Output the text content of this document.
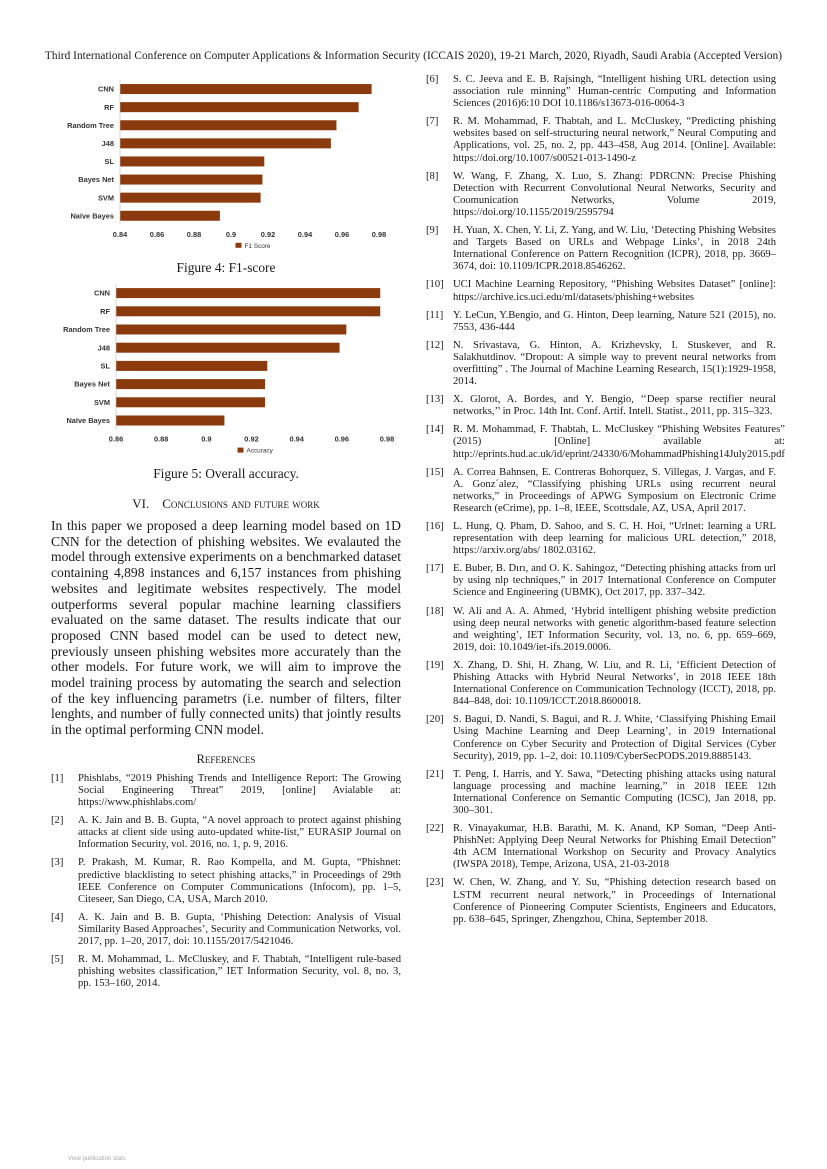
Third International Conference on Computer Applications & Information Security (ICCAIS 2020), 19-21 March, 2020, Riyadh, Saudi Arabia (Accepted Version)
CNN
RF
Random Tree
J48
SL
Bayes Net
SVM
Naïve Bayes
0.84	0.86	0.88	0.9	0.92	0.94	0.96	0.98
F1 Score
Figure 4: F1-score
CNN
RF
Random Tree
J48
SL
Bayes Net
SVM
Naïve Bayes
0.86	0.88	0.9	0.92	0.94	0.96	0.98
Accuracy
Figure 5: Overall accuracy.
VI. Conclusions and future work
In this paper we proposed a deep learning model based on 1D CNN for the detection of phishing websites. We evalauted the model through extensive experiments on a benchmarked dataset containing 4,898 instances and 6,157 instances from phishing websites and legitimate websites respectively. The model outperforms several popular machine learning classifiers evaluated on the same dataset. The results indicate that our proposed CNN based model can be used to detect new, previously unseen phishing websites more accurately than the other models. For future work, we will aim to improve the model training process by automating the search and selection of the key influencing parametrs (i.e. number of filters, filter lenghts, and number of fully connected units) that jointly results in the optimal performing CNN model.
References
[1]	Phishlabs, “2019 Phishing Trends and Intelligence Report: The Growing Social Engineering Threat” 2019, [online] Avialable at: https://www.phishlabs.com/
[2]	A. K. Jain and B. B. Gupta, “A novel approach to protect against phishing attacks at client side using auto-updated white-list,” EURASIP Journal on Information Security, vol. 2016, no. 1, p. 9, 2016.
[3]	P. Prakash, M. Kumar, R. Rao Kompella, and M. Gupta, “Phishnet: predictive blacklisting to setect phishing attacks,” in Proceedings of 29th IEEE Conference on Computer Communications (Infocom), pp. 1–5, Citeseer, San Diego, CA, USA, March 2010.
[4]	A. K. Jain and B. B. Gupta, ‘Phishing Detection: Analysis of Visual Similarity Based Approaches’, Security and Communication Networks, vol. 2017, pp. 1–20, 2017, doi: 10.1155/2017/5421046.
[5]	R. M. Mohammad, L. McCluskey, and F. Thabtah, “Intelligent rule-based phishing websites classification,” IET Information Security, vol. 8, no. 3, pp. 153–160, 2014.
[6]	S. C. Jeeva and E. B. Rajsingh, “Intelligent hishing URL detection using association rule minning” Human-centric Computing and Information Sciences (2016)6:10 DOI 10.1186/s13673-016-0064-3
[7]	R. M. Mohammad, F. Thabtah, and L. McCluskey, “Predicting phishing websites based on self-structuring neural network,” Neural Computing and Applications, vol. 25, no. 2, pp. 443–458, Aug 2014. [Online]. Available: https://doi.org/10.1007/s00521-013-1490-z
[8]	W. Wang, F. Zhang, X. Luo, S. Zhang: PDRCNN: Precise Phishing Detection with Recurrent Convolutional Neural Networks, Security and Coomunication Networks, Volume 2019, https://doi.org/10.1155/2019/2595794
[9]	H. Yuan, X. Chen, Y. Li, Z. Yang, and W. Liu, ‘Detecting Phishing Websites and Targets Based on URLs and Webpage Links’, in 2018 24th International Conference on Pattern Recognition (ICPR), 2018, pp. 3669–3674, doi: 10.1109/ICPR.2018.8546262.
[10] UCI Machine Learning Repository, “Phishing Websites Dataset” [online]: https://archive.ics.uci.edu/ml/datasets/phishing+websites
[11] Y. LeCun, Y.Bengio, and G. Hinton, Deep learning, Nature 521 (2015), no. 7553, 436-444
[12] N. Srivastava, G. Hinton, A. Krizhevsky, I. Stuskever, and R. Salakhutdinov. “Dropout: A simple way to prevent neural networks from overfitting” . The Journal of Machine Learning Research, 15(1):1929-1958, 2014.
[13] X. Glorot, A. Bordes, and Y. Bengio, ‘‘Deep sparse rectifier neural networks,’’ in Proc. 14th Int. Conf. Artif. Intell. Statist., 2011, pp. 315–323.
[14] R. M. Mohammad, F. Thabtah, L. McCluskey “Phishing Websites Features” (2015) [Online] available at: http://eprints.hud.ac.uk/id/eprint/24330/6/MohammadPhishing14July2015.pdf
[15] A. Correa Bahnsen, E. Contreras Bohorquez, S. Villegas, J. Vargas, and F. A. Gonz´alez, “Classifying phishing URLs using recurrent neural networks,” in Proceedings of APWG Symposium on Electronic Crime Research (eCrime), pp. 1–8, IEEE, Scottsdale, AZ, USA, April 2017.
[16] L. Hung, Q. Pham, D. Sahoo, and S. C. H. Hoi, “Urlnet: learning a URL representation with deep learning for malicious URL detection,” 2018, https://arxiv.org/abs/ 1802.03162.
[17] E. Buber, B. Dırı, and O. K. Sahingoz, “Detecting phishing attacks from url by using nlp techniques,” in 2017 International Conference on Computer Science and Engineering (UBMK), Oct 2017, pp. 337–342.
[18] W. Ali and A. A. Ahmed, ‘Hybrid intelligent phishing website prediction using deep neural networks with genetic algorithm-based feature selection and weighting’, IET Information Security, vol. 13, no. 6, pp. 659–669, 2019, doi: 10.1049/iet-ifs.2019.0006.
[19] X. Zhang, D. Shi, H. Zhang, W. Liu, and R. Li, ‘Efficient Detection of Phishing Attacks with Hybrid Neural Networks’, in 2018 IEEE 18th International Conference on Communication Technology (ICCT), 2018, pp. 844–848, doi: 10.1109/ICCT.2018.8600018.
[20] S. Bagui, D. Nandi, S. Bagui, and R. J. White, ‘Classifying Phishing Email Using Machine Learning and Deep Learning’, in 2019 International Conference on Cyber Security and Protection of Digital Services (Cyber Security), 2019, pp. 1–2, doi: 10.1109/CyberSecPODS.2019.8885143.
[21] T. Peng, I. Harris, and Y. Sawa, “Detecting phishing attacks using natural language processing and machine learning,” in 2018 IEEE 12th International Conference on Semantic Computing (ICSC), Jan 2018, pp. 300–301.
[22] R. Vinayakumar, H.B. Barathi, M. K. Anand, KP Soman, “Deep Anti-PhishNet: Applying Deep Neural Networks for Phishing Email Detection” 4th ACM International Workshop on Security and Provacy Analytics (IWSPA 2018), Tempe, Arizona, USA, 21-03-2018
[23] W. Chen, W. Zhang, and Y. Su, “Phishing detection research based on LSTM recurrent neural network,” in Proceedings of International Conference of Pioneering Computer Scientists, Engineers and Educators, pp. 638–645, Springer, Zhengzhou, China, September 2018.
View publication stats
